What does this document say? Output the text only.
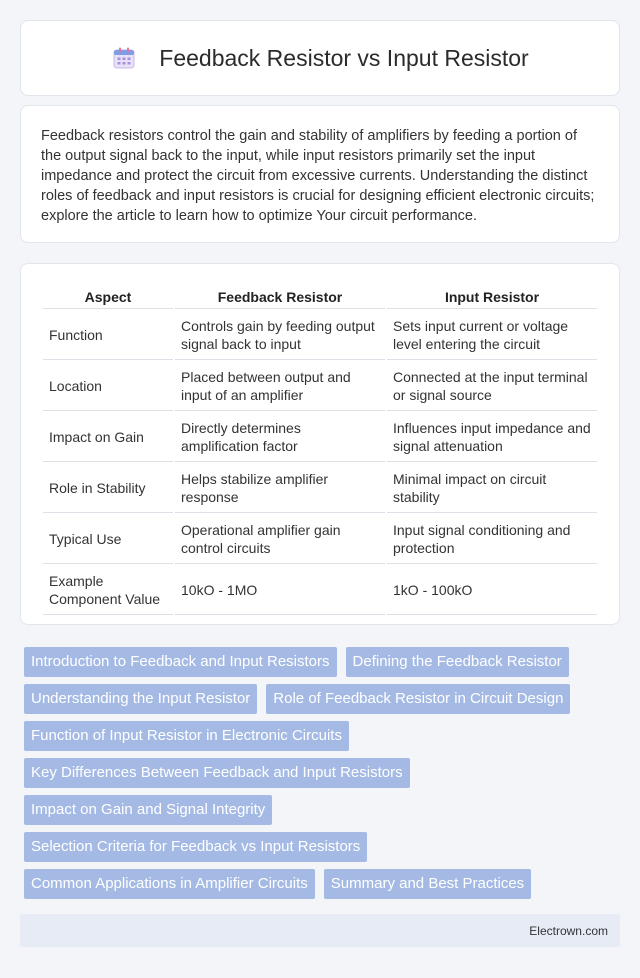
Feedback Resistor vs Input Resistor

Feedback resistors control the gain and stability of amplifiers by feeding a portion of the output signal back to the input, while input resistors primarily set the input impedance and protect the circuit from excessive currents. Understanding the distinct roles of feedback and input resistors is crucial for designing efficient electronic circuits; explore the article to learn how to optimize Your circuit performance.

Aspect	Feedback Resistor	Input Resistor
Function	Controls gain by feeding output signal back to input	Sets input current or voltage level entering the circuit
Location	Placed between output and input of an amplifier	Connected at the input terminal or signal source
Impact on Gain	Directly determines amplification factor	Influences input impedance and signal attenuation
Role in Stability	Helps stabilize amplifier response	Minimal impact on circuit stability
Typical Use	Operational amplifier gain control circuits	Input signal conditioning and protection
Example Component Value	10kO - 1MO	1kO - 100kO
Introduction to Feedback and Input Resistors	Defining the Feedback Resistor
Understanding the Input Resistor	Role of Feedback Resistor in Circuit Design
Function of Input Resistor in Electronic Circuits
Key Differences Between Feedback and Input Resistors
Impact on Gain and Signal Integrity
Selection Criteria for Feedback vs Input Resistors
Common Applications in Amplifier Circuits	Summary and Best Practices
Electrown.com
